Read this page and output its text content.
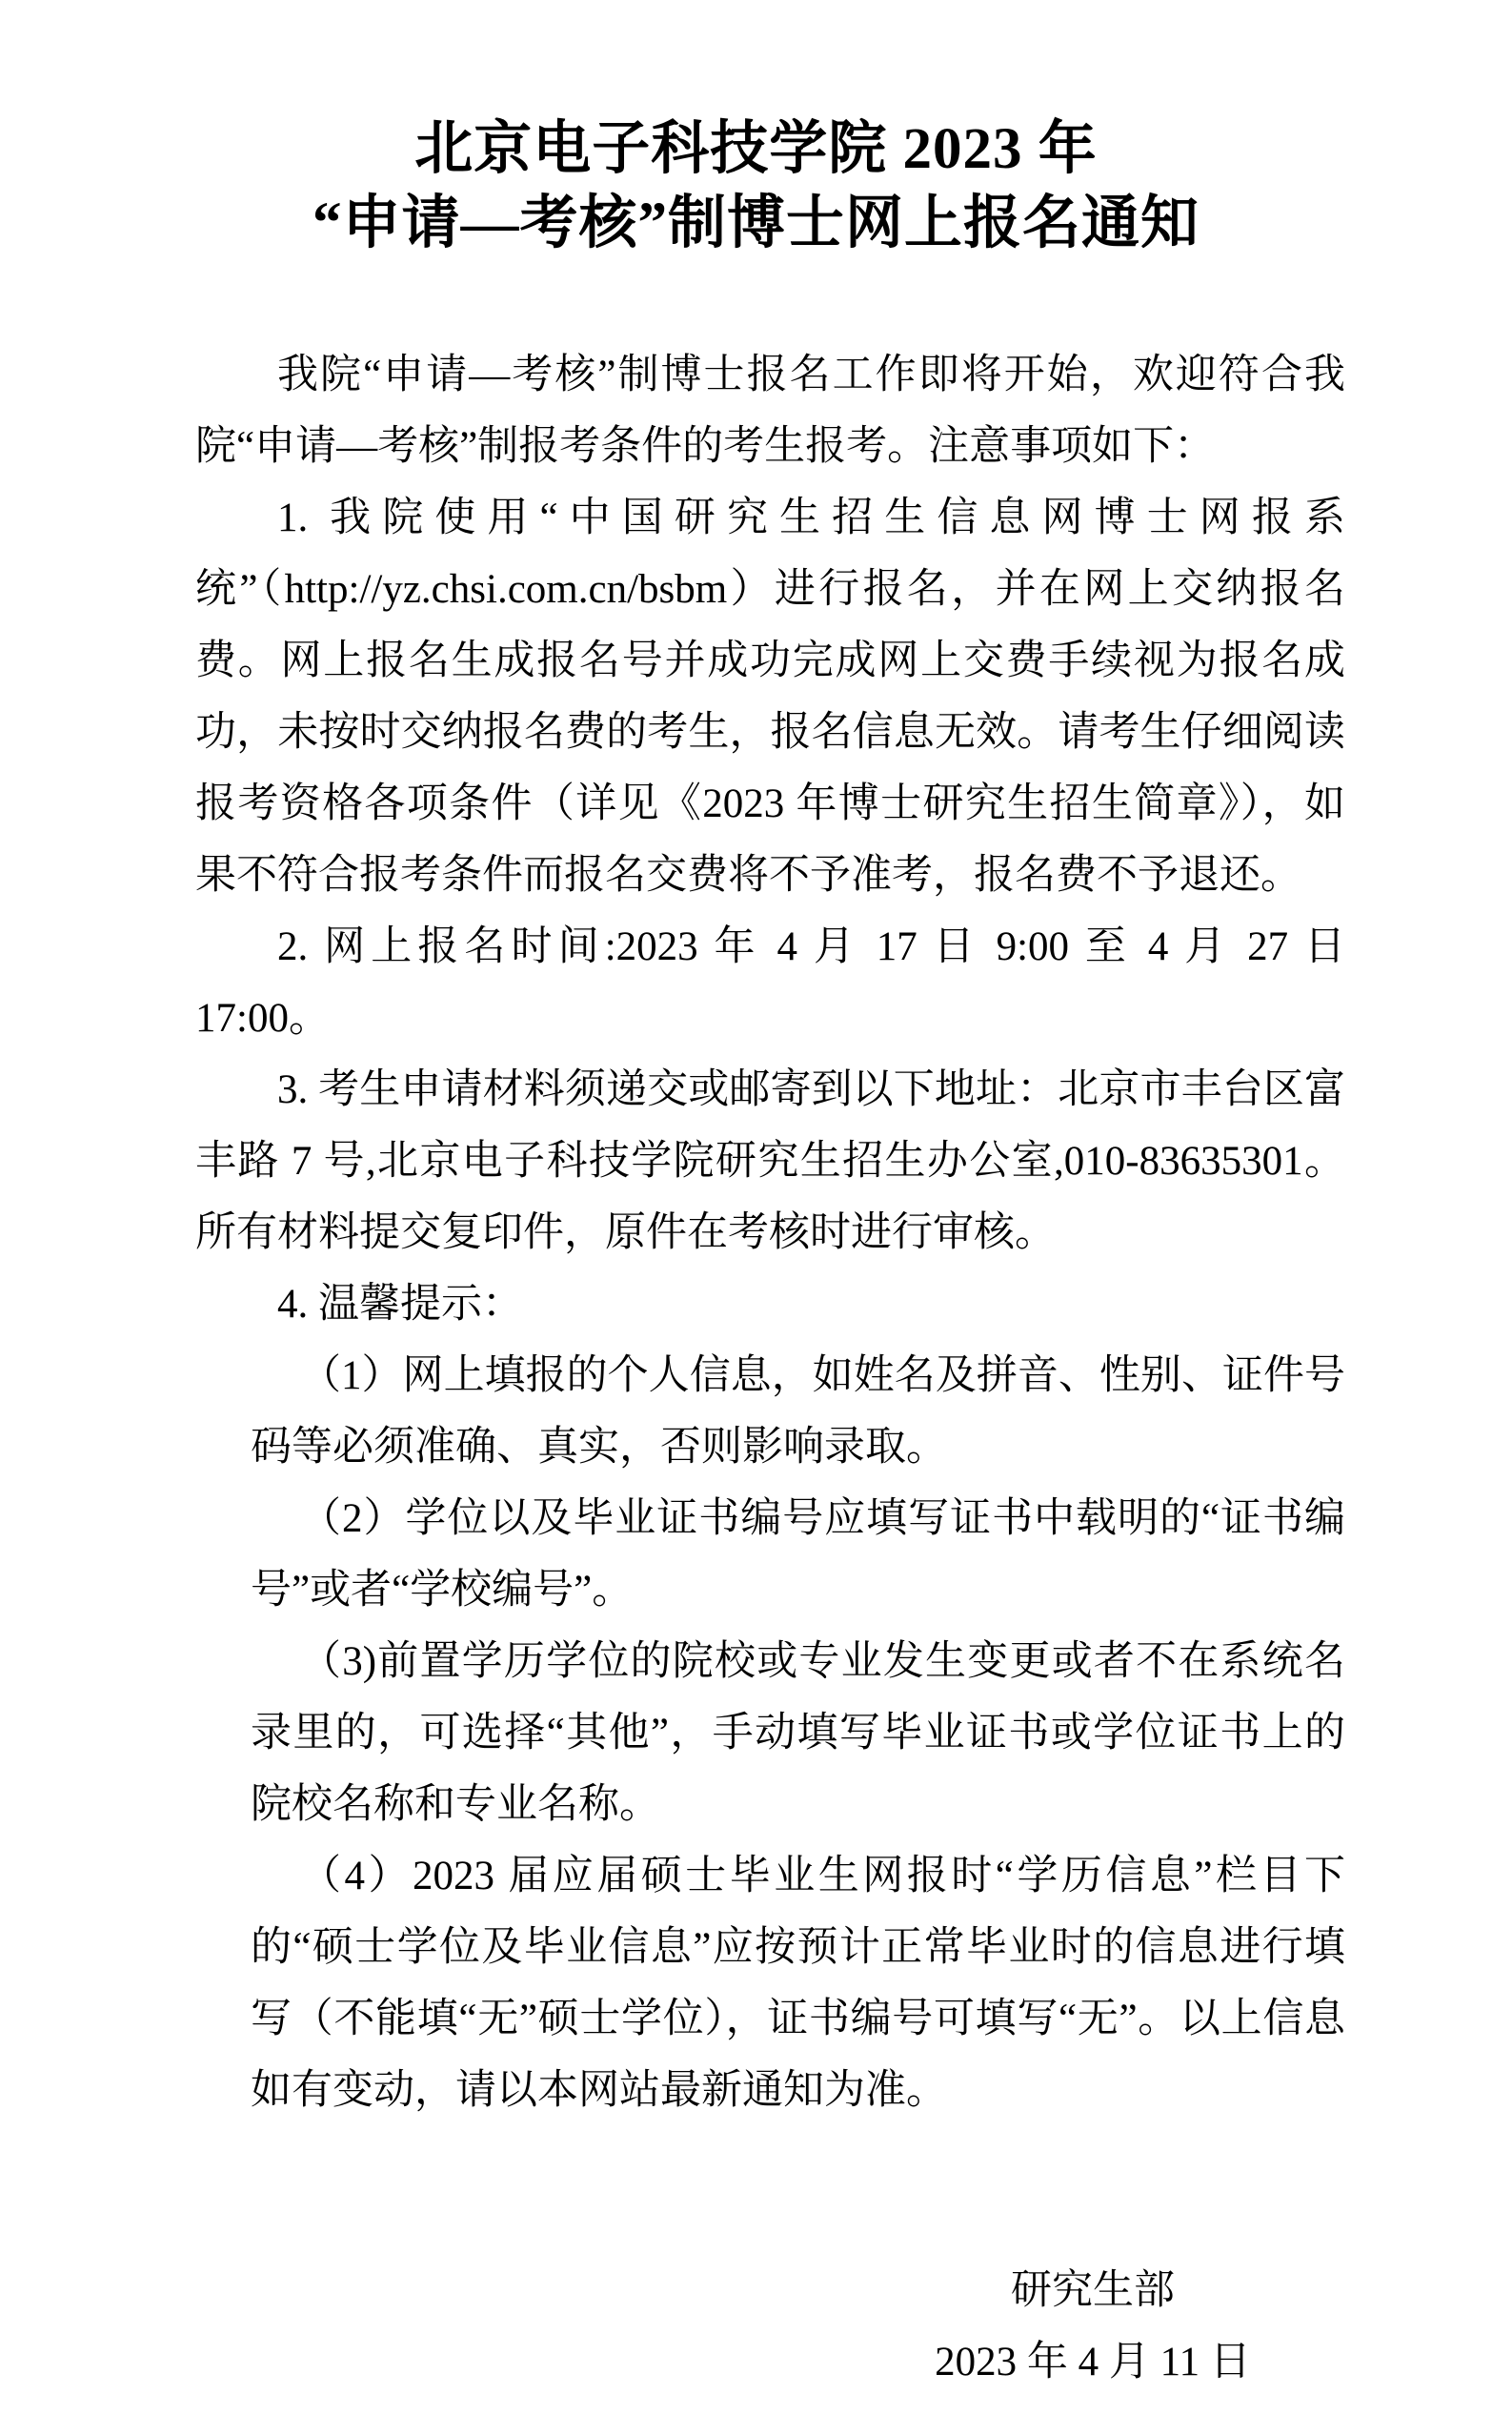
北京电子科技学院 2023 年
“申请—考核”制博士网上报名通知

我院“申请—考核”制博士报名工作即将开始，欢迎符合我院“申请—考核”制报考条件的考生报考。注意事项如下：

1. 我院使用“中国研究生招生信息网博士网报系统”（http://yz.chsi.com.cn/bsbm）进行报名，并在网上交纳报名费。网上报名生成报名号并成功完成网上交费手续视为报名成功，未按时交纳报名费的考生，报名信息无效。请考生仔细阅读报考资格各项条件（详见《2023 年博士研究生招生简章》），如果不符合报考条件而报名交费将不予准考，报名费不予退还。

2. 网上报名时间:2023 年 4 月 17 日 9:00 至 4 月 27 日 17:00。

3. 考生申请材料须递交或邮寄到以下地址：北京市丰台区富丰路 7 号,北京电子科技学院研究生招生办公室,010-83635301。所有材料提交复印件，原件在考核时进行审核。

4. 温馨提示：

（1）网上填报的个人信息，如姓名及拼音、性别、证件号码等必须准确、真实，否则影响录取。

（2）学位以及毕业证书编号应填写证书中载明的“证书编号”或者“学校编号”。

（3)前置学历学位的院校或专业发生变更或者不在系统名录里的，可选择“其他”，手动填写毕业证书或学位证书上的院校名称和专业名称。

（4）2023 届应届硕士毕业生网报时“学历信息”栏目下的“硕士学位及毕业信息”应按预计正常毕业时的信息进行填写（不能填“无”硕士学位），证书编号可填写“无”。以上信息如有变动，请以本网站最新通知为准。

研究生部
2023 年 4 月 11 日
